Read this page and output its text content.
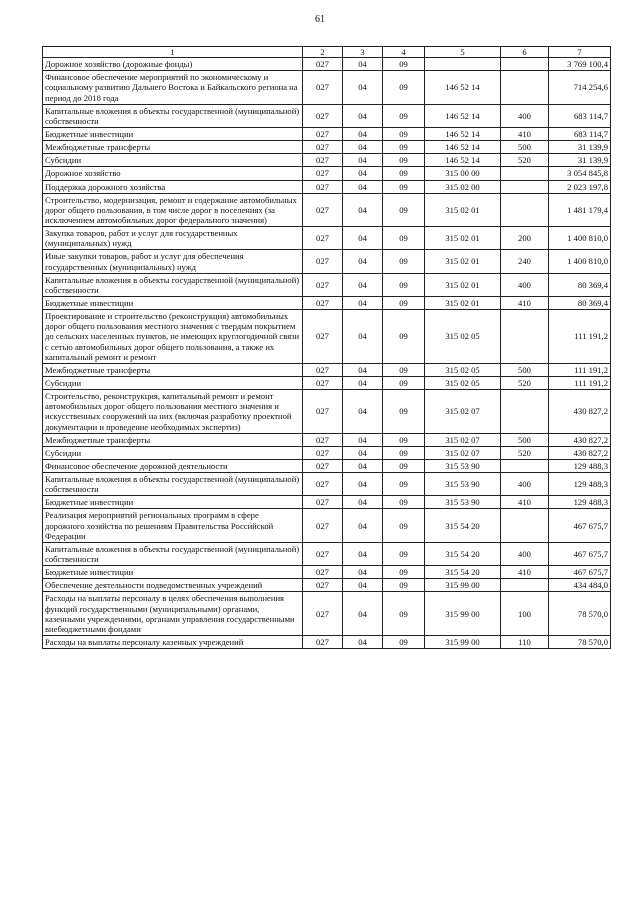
61
1	2	3	4	5	6	7
Дорожное хозяйство (дорожные фонды)	027	04	09			3 769 100,4
Финансовое обеспечение мероприятий по экономическому и социальному развитию Дальнего Востока и Байкальского региона на период до 2018 года	027	04	09	146 52 14		714 254,6
Капитальные вложения в объекты государственной (муниципальной) собственности	027	04	09	146 52 14	400	683 114,7
Бюджетные инвестиции	027	04	09	146 52 14	410	683 114,7
Межбюджетные трансферты	027	04	09	146 52 14	500	31 139,9
Субсидии	027	04	09	146 52 14	520	31 139,9
Дорожное хозяйство	027	04	09	315 00 00		3 054 845,8
Поддержка дорожного хозяйства	027	04	09	315 02 00		2 023 197,8
Строительство, модернизация, ремонт и содержание автомобильных дорог общего пользования, в том числе дорог в поселениях (за исключением автомобильных дорог федерального значения)	027	04	09	315 02 01		1 481 179,4
Закупка товаров, работ и услуг для государственных (муниципальных) нужд	027	04	09	315 02 01	200	1 400 810,0
Иные закупки товаров, работ и услуг для обеспечения государственных (муниципальных) нужд	027	04	09	315 02 01	240	1 400 810,0
Капитальные вложения в объекты государственной (муниципальной) собственности	027	04	09	315 02 01	400	80 369,4
Бюджетные инвестиции	027	04	09	315 02 01	410	80 369,4
Проектирование и строительство (реконструкция) автомобильных дорог общего пользования местного значения с твердым покрытием до сельских населенных пунктов, не имеющих круглогодичной связи с сетью автомобильных дорог общего пользования, а также их капитальный ремонт и ремонт	027	04	09	315 02 05		111 191,2
Межбюджетные трансферты	027	04	09	315 02 05	500	111 191,2
Субсидии	027	04	09	315 02 05	520	111 191,2
Строительство, реконструкция, капитальный ремонт и ремонт автомобильных дорог общего пользования местного значения и искусственных сооружений на них (включая разработку проектной документации и проведение необходимых экспертиз)	027	04	09	315 02 07		430 827,2
Межбюджетные трансферты	027	04	09	315 02 07	500	430 827,2
Субсидии	027	04	09	315 02 07	520	430 827,2
Финансовое обеспечение дорожной деятельности	027	04	09	315 53 90		129 488,3
Капитальные вложения в объекты государственной (муниципальной) собственности	027	04	09	315 53 90	400	129 488,3
Бюджетные инвестиции	027	04	09	315 53 90	410	129 488,3
Реализация мероприятий региональных программ в сфере дорожного хозяйства по решениям Правительства Российской Федерации	027	04	09	315 54 20		467 675,7
Капитальные вложения в объекты государственной (муниципальной) собственности	027	04	09	315 54 20	400	467 675,7
Бюджетные инвестиции	027	04	09	315 54 20	410	467 675,7
Обеспечение деятельности подведомственных учреждений	027	04	09	315 99 00		434 484,0
Расходы на выплаты персоналу в целях обеспечения выполнения функций государственными (муниципальными) органами, казенными учреждениями, органами управления государственными внебюджетными фондами	027	04	09	315 99 00	100	78 570,0
Расходы на выплаты персоналу казенных учреждений	027	04	09	315 99 00	110	78 570,0
